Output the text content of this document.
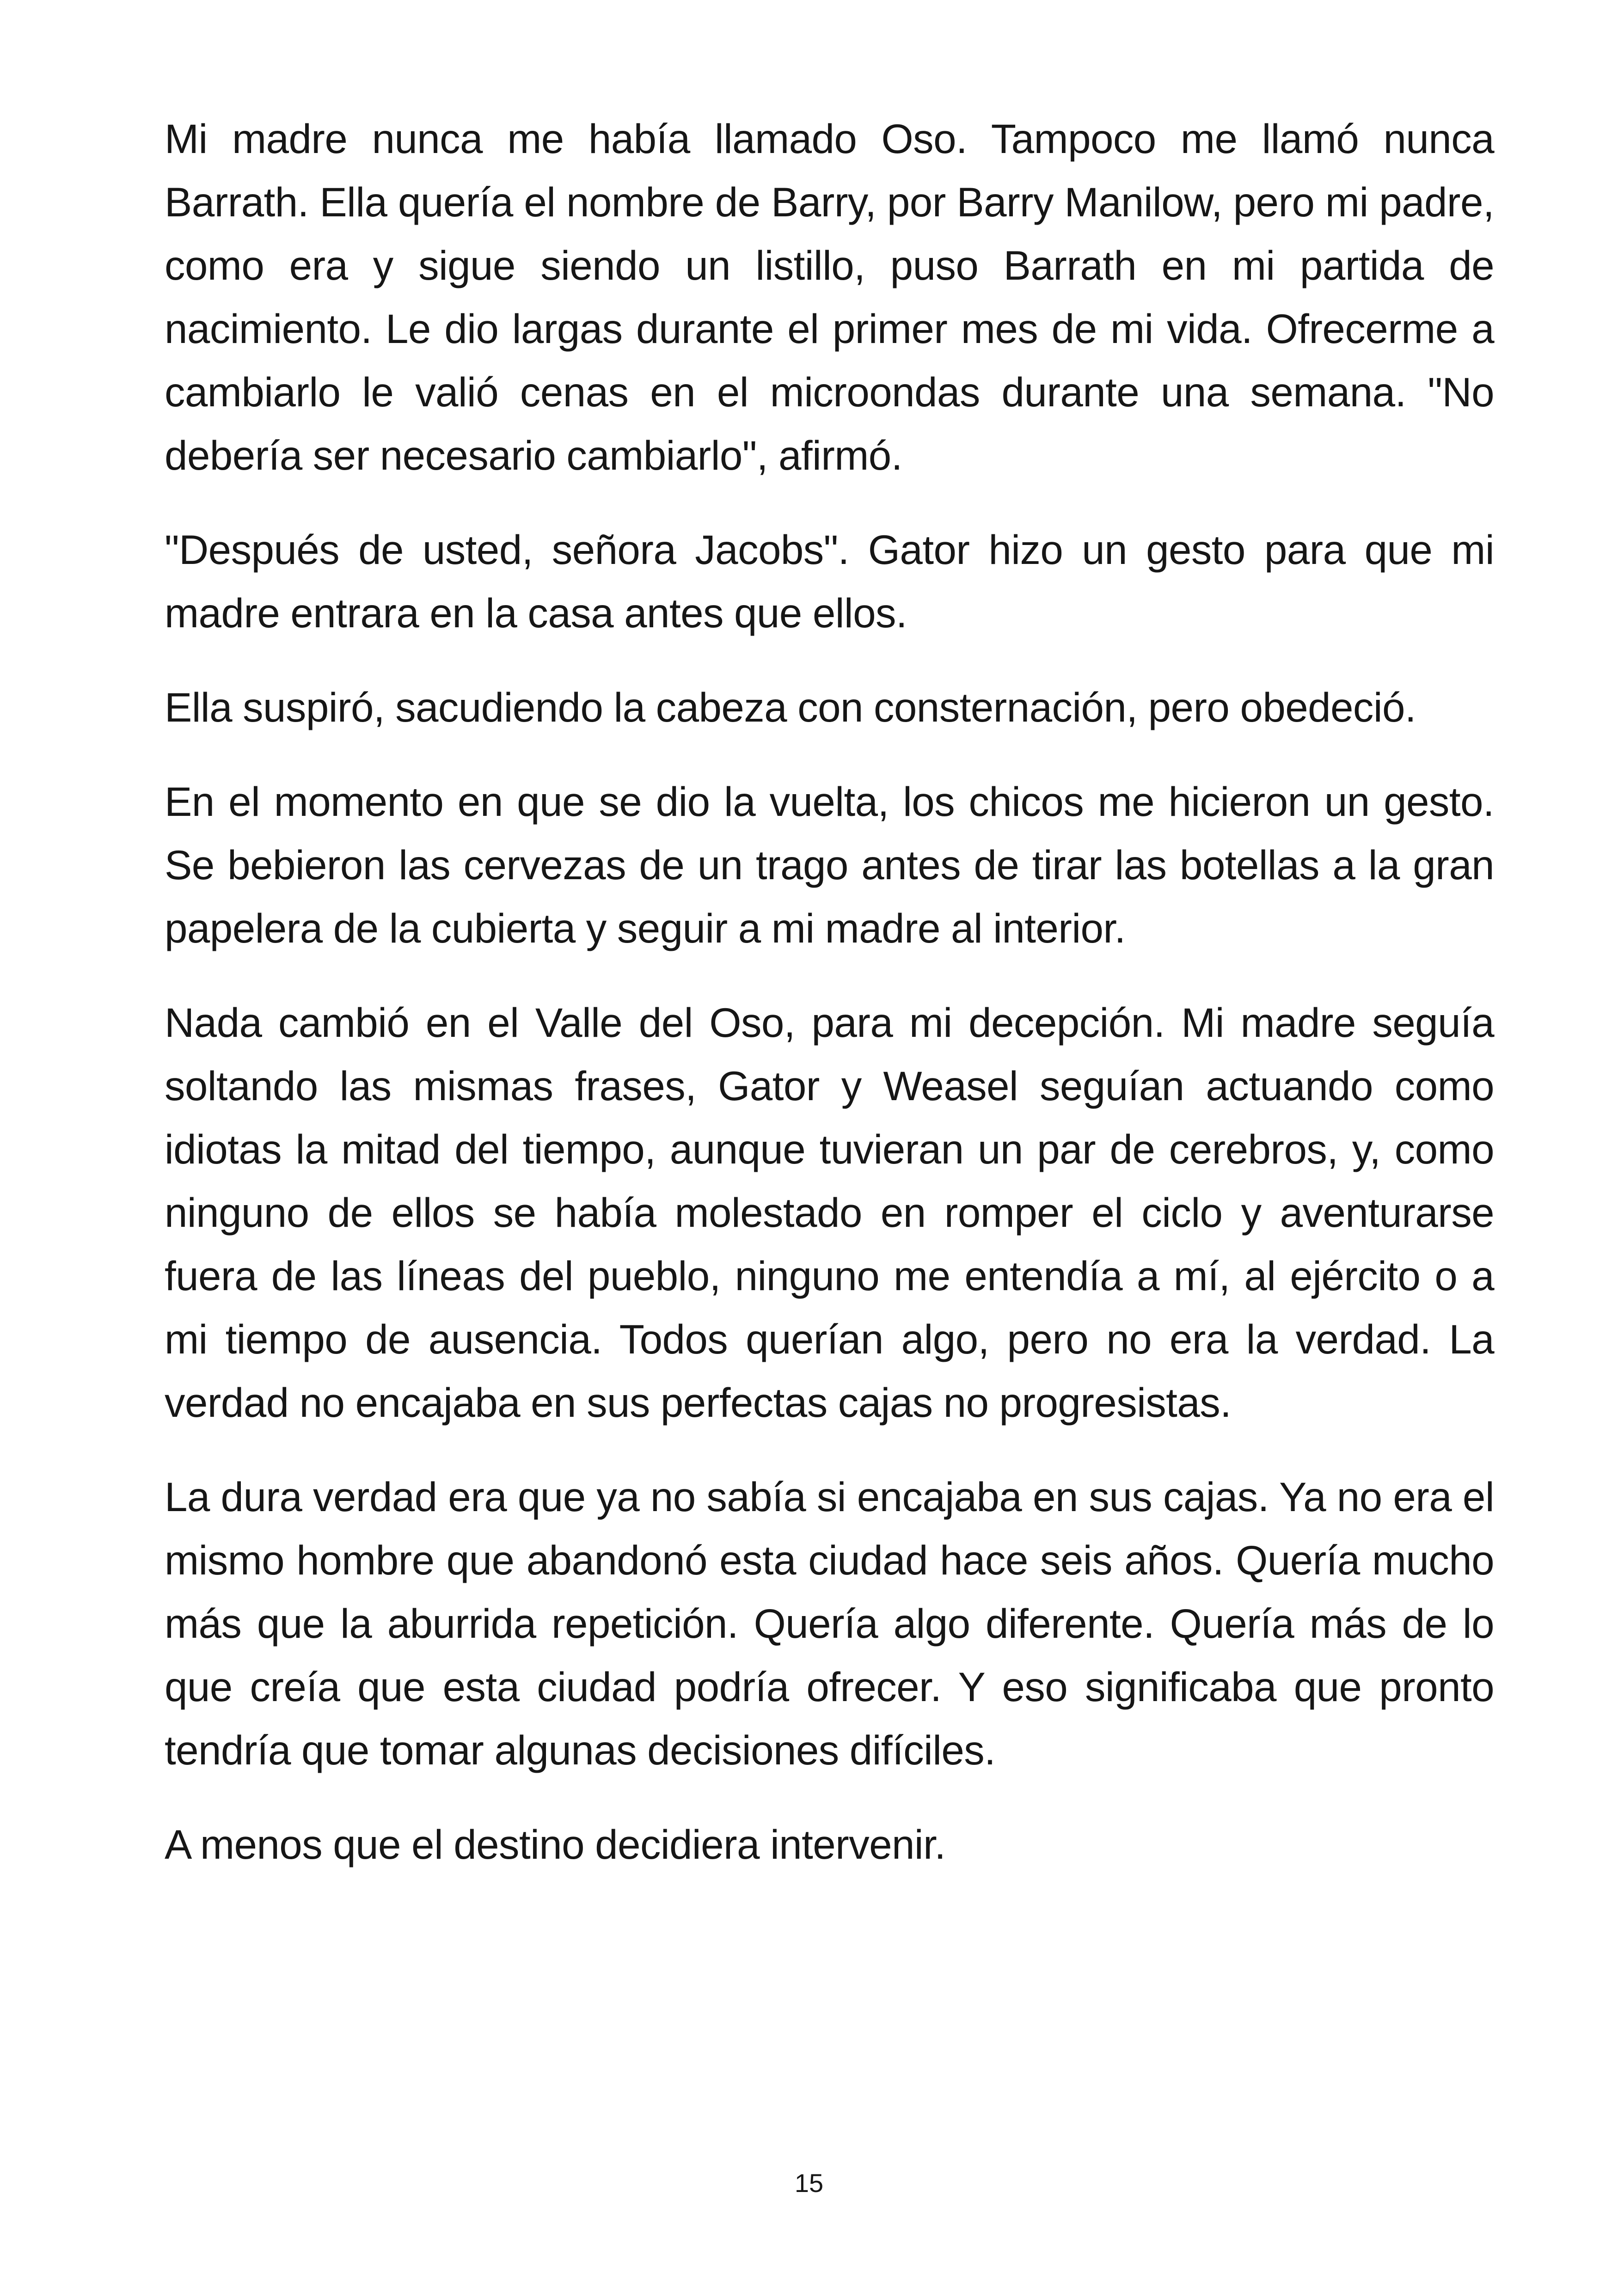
Mi madre nunca me había llamado Oso. Tampoco me llamó nunca Barrath. Ella quería el nombre de Barry, por Barry Manilow, pero mi padre, como era y sigue siendo un listillo, puso Barrath en mi partida de nacimiento. Le dio largas durante el primer mes de mi vida. Ofrecerme a cambiarlo le valió cenas en el microondas durante una semana. "No debería ser necesario cambiarlo", afirmó.

"Después de usted, señora Jacobs". Gator hizo un gesto para que mi madre entrara en la casa antes que ellos.

Ella suspiró, sacudiendo la cabeza con consternación, pero obedeció.

En el momento en que se dio la vuelta, los chicos me hicieron un gesto. Se bebieron las cervezas de un trago antes de tirar las botellas a la gran papelera de la cubierta y seguir a mi madre al interior.

Nada cambió en el Valle del Oso, para mi decepción. Mi madre seguía soltando las mismas frases, Gator y Weasel seguían actuando como idiotas la mitad del tiempo, aunque tuvieran un par de cerebros, y, como ninguno de ellos se había molestado en romper el ciclo y aventurarse fuera de las líneas del pueblo, ninguno me entendía a mí, al ejército o a mi tiempo de ausencia. Todos querían algo, pero no era la verdad. La verdad no encajaba en sus perfectas cajas no progresistas.

La dura verdad era que ya no sabía si encajaba en sus cajas. Ya no era el mismo hombre que abandonó esta ciudad hace seis años. Quería mucho más que la aburrida repetición. Quería algo diferente. Quería más de lo que creía que esta ciudad podría ofrecer. Y eso significaba que pronto tendría que tomar algunas decisiones difíciles.

A menos que el destino decidiera intervenir.

15
